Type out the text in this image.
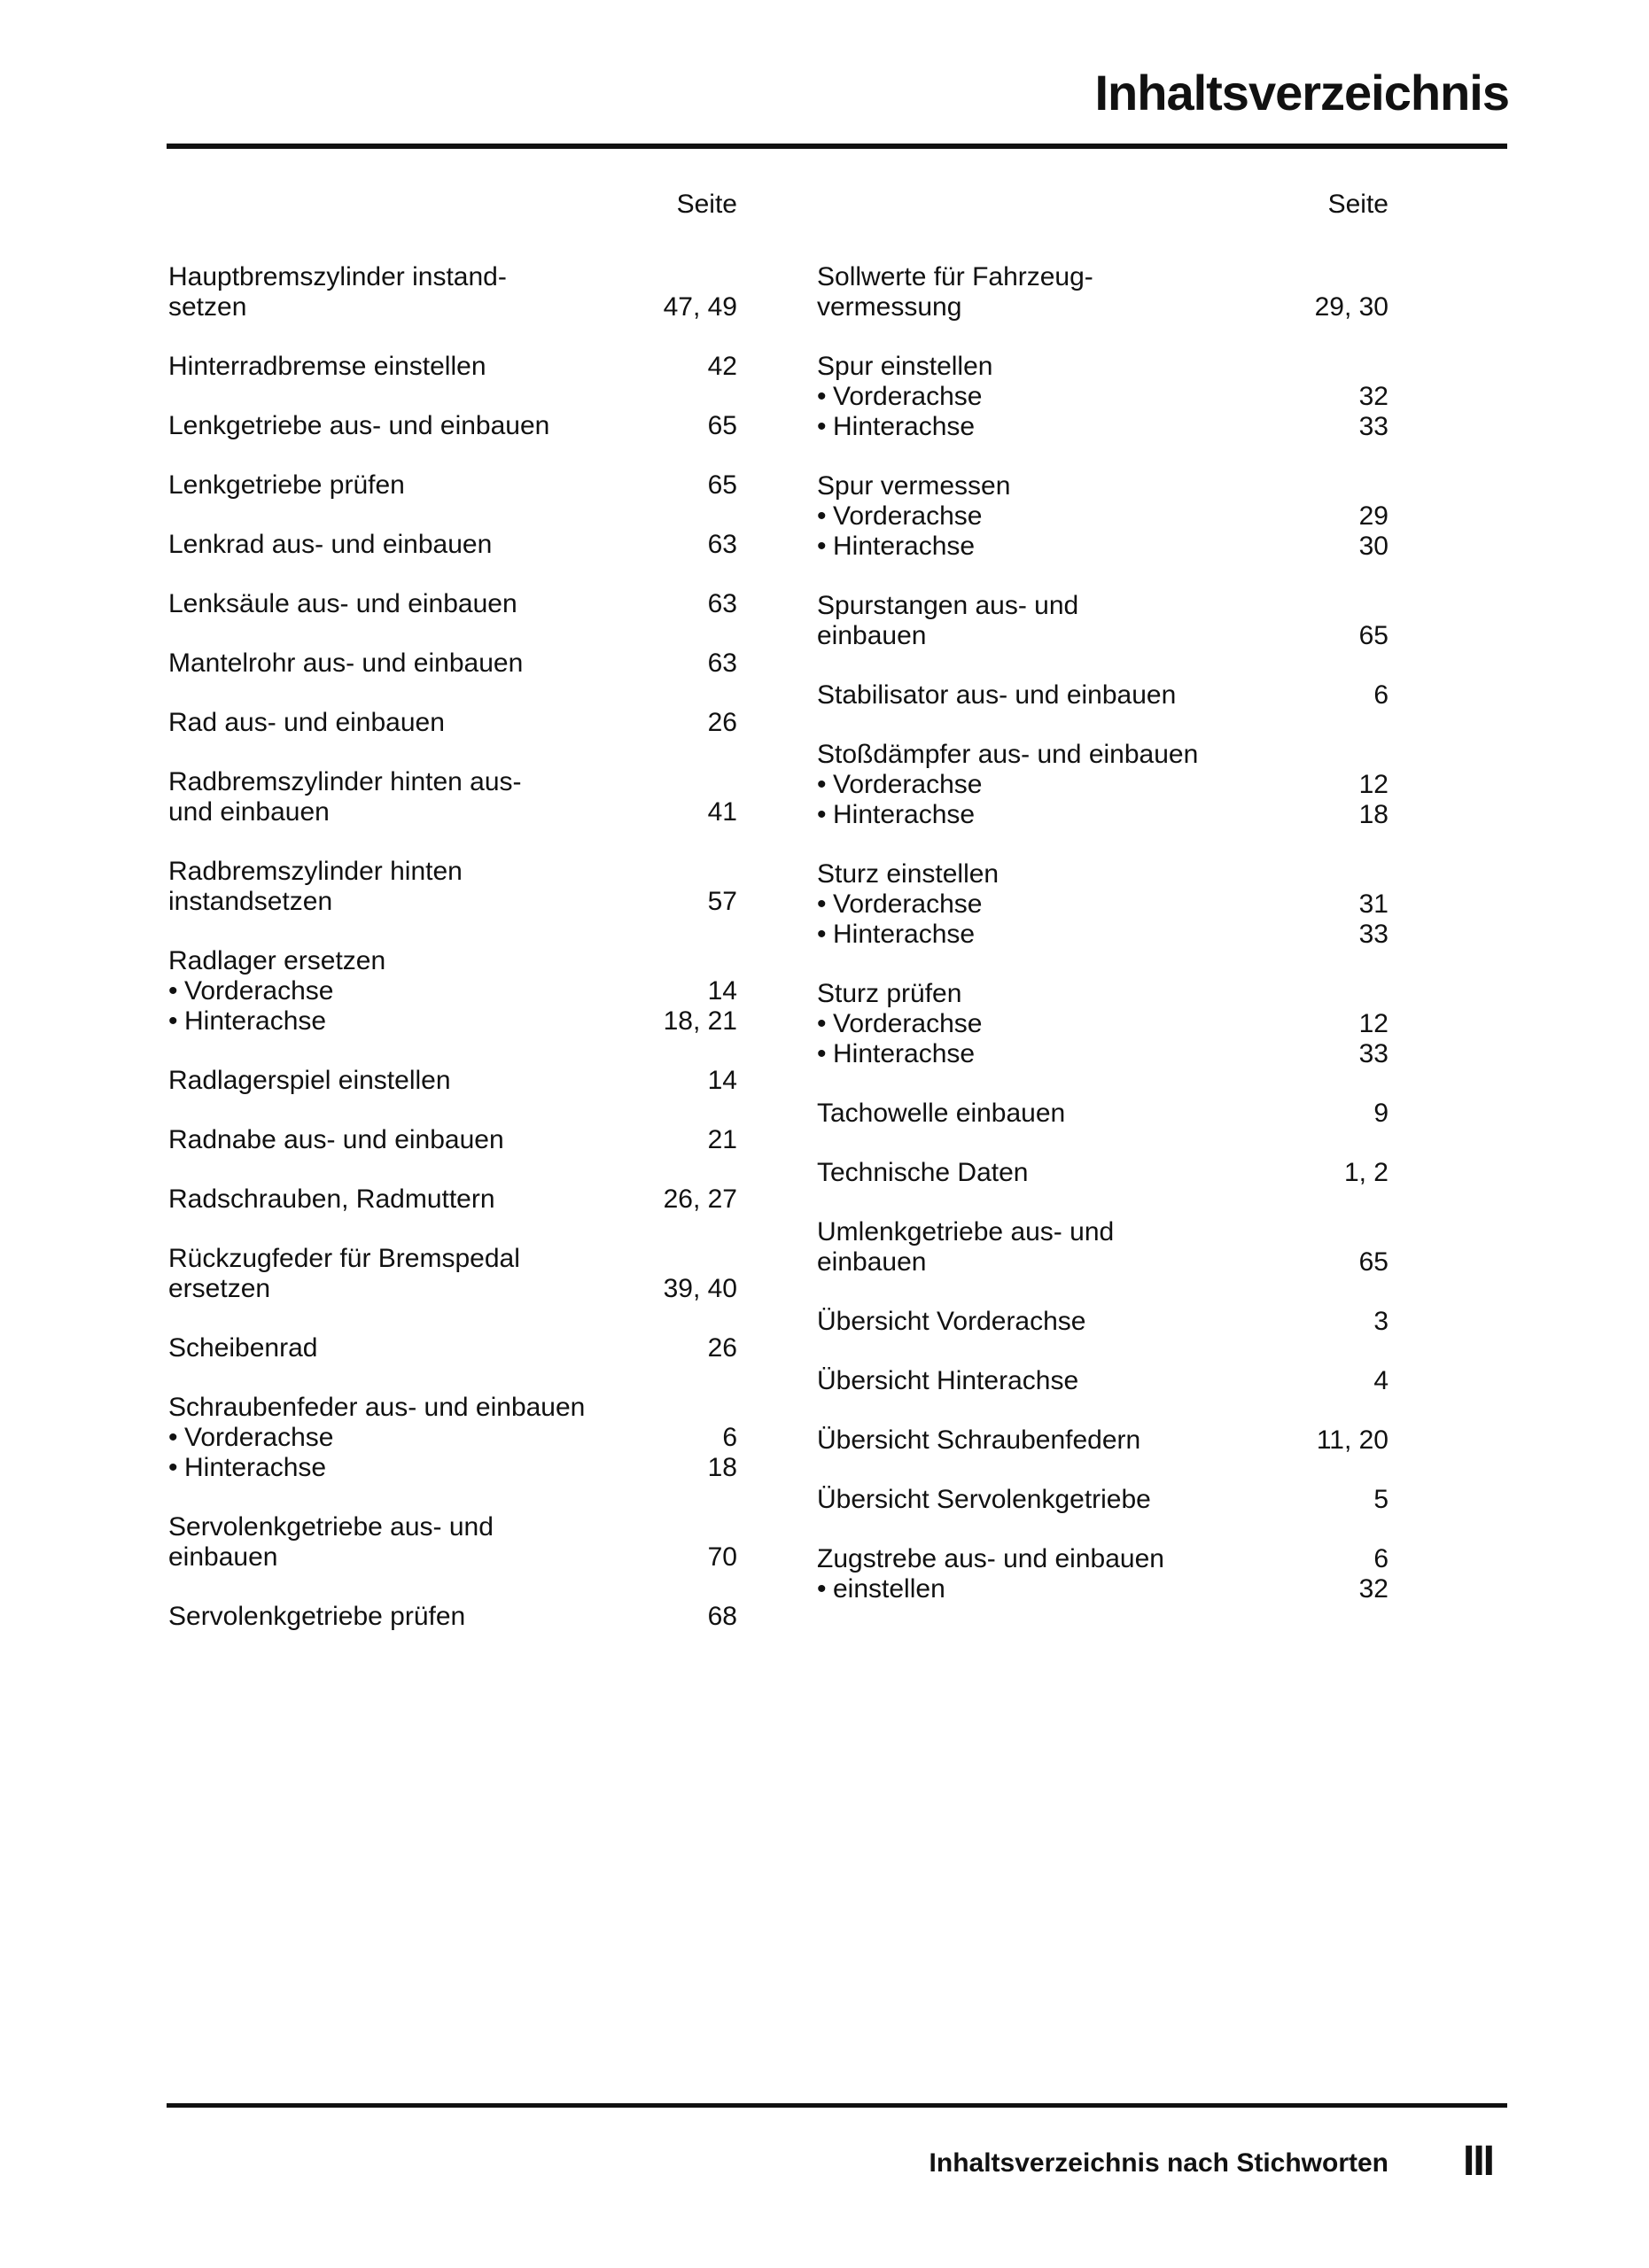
Inhaltsverzeichnis
Seite
Hauptbremszylinder instand-
setzen	47, 49
Hinterradbremse einstellen	42
Lenkgetriebe aus- und einbauen	65
Lenkgetriebe prüfen	65
Lenkrad aus- und einbauen	63
Lenksäule aus- und einbauen	63
Mantelrohr aus- und einbauen	63
Rad aus- und einbauen	26
Radbremszylinder hinten aus-
und einbauen	41
Radbremszylinder hinten
instandsetzen	57
Radlager ersetzen
• Vorderachse	14
• Hinterachse	18, 21
Radlagerspiel einstellen	14
Radnabe aus- und einbauen	21
Radschrauben, Radmuttern	26, 27
Rückzugfeder für Bremspedal
ersetzen	39, 40
Scheibenrad	26
Schraubenfeder aus- und einbauen
• Vorderachse	6
• Hinterachse	18
Servolenkgetriebe aus- und
einbauen	70
Servolenkgetriebe prüfen	68
Seite
Sollwerte für Fahrzeug-
vermessung	29, 30
Spur einstellen
• Vorderachse	32
• Hinterachse	33
Spur vermessen
• Vorderachse	29
• Hinterachse	30
Spurstangen aus- und
einbauen	65
Stabilisator aus- und einbauen	6
Stoßdämpfer aus- und einbauen
• Vorderachse	12
• Hinterachse	18
Sturz einstellen
• Vorderachse	31
• Hinterachse	33
Sturz prüfen
• Vorderachse	12
• Hinterachse	33
Tachowelle einbauen	9
Technische Daten	1, 2
Umlenkgetriebe aus- und
einbauen	65
Übersicht Vorderachse	3
Übersicht Hinterachse	4
Übersicht Schraubenfedern	11, 20
Übersicht Servolenkgetriebe	5
Zugstrebe aus- und einbauen	6
• einstellen	32
Inhaltsverzeichnis nach Stichworten III
